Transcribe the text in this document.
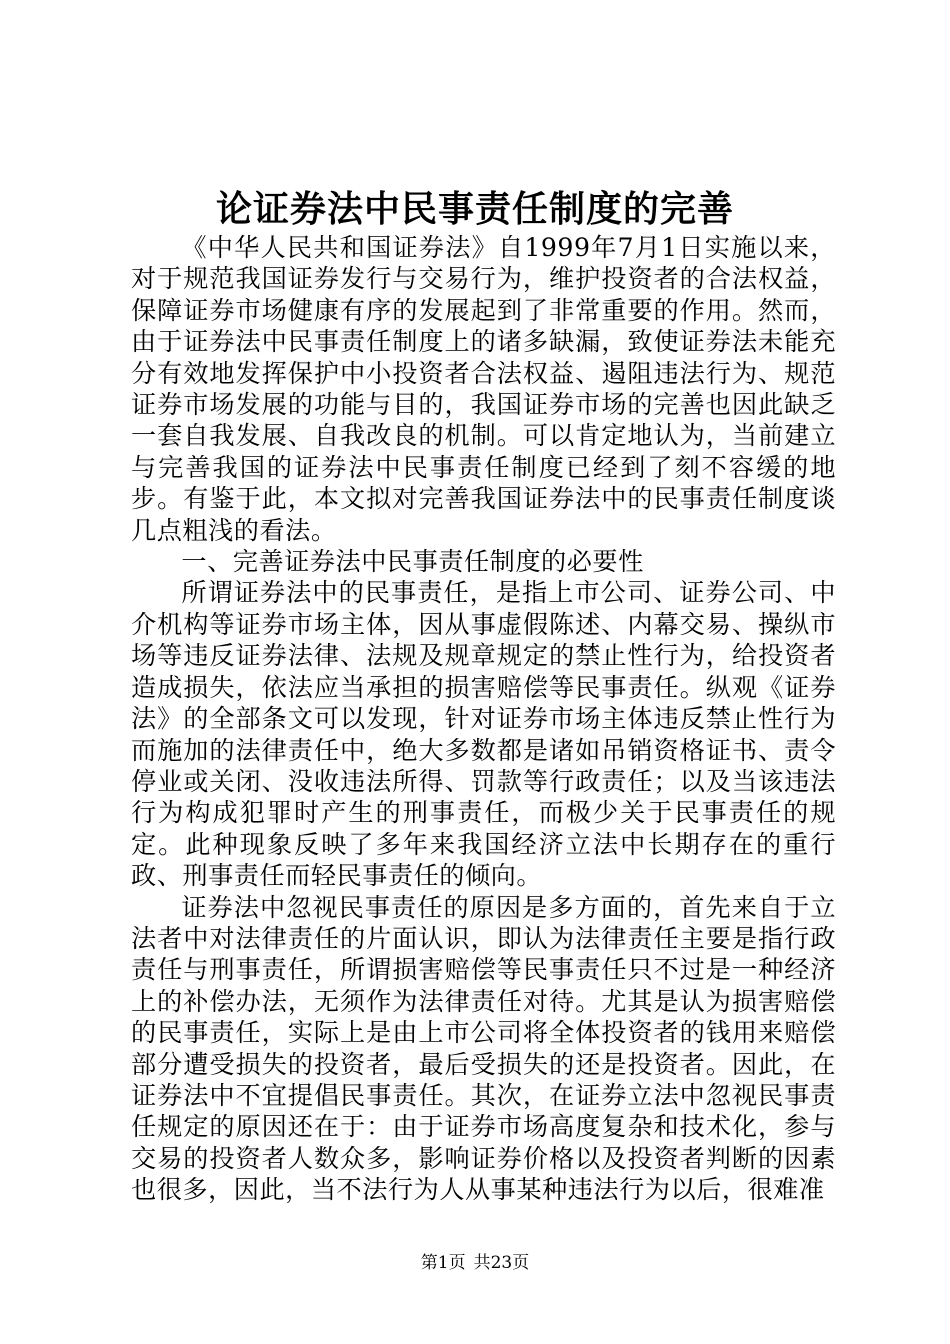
论证券法中民事责任制度的完善

《中华人民共和国证券法》自1999年7月1日实施以来，对于规范我国证券发行与交易行为，维护投资者的合法权益，保障证券市场健康有序的发展起到了非常重要的作用。然而，由于证券法中民事责任制度上的诸多缺漏，致使证券法未能充分有效地发挥保护中小投资者合法权益、遏阻违法行为、规范证券市场发展的功能与目的，我国证券市场的完善也因此缺乏一套自我发展、自我改良的机制。可以肯定地认为，当前建立与完善我国的证券法中民事责任制度已经到了刻不容缓的地步。有鉴于此，本文拟对完善我国证券法中的民事责任制度谈几点粗浅的看法。

一、完善证券法中民事责任制度的必要性

所谓证券法中的民事责任，是指上市公司、证券公司、中介机构等证券市场主体，因从事虚假陈述、内幕交易、操纵市场等违反证券法律、法规及规章规定的禁止性行为，给投资者造成损失，依法应当承担的损害赔偿等民事责任。纵观《证券法》的全部条文可以发现，针对证券市场主体违反禁止性行为而施加的法律责任中，绝大多数都是诸如吊销资格证书、责令停业或关闭、没收违法所得、罚款等行政责任；以及当该违法行为构成犯罪时产生的刑事责任，而极少关于民事责任的规定。此种现象反映了多年来我国经济立法中长期存在的重行政、刑事责任而轻民事责任的倾向。

证券法中忽视民事责任的原因是多方面的，首先来自于立法者中对法律责任的片面认识，即认为法律责任主要是指行政责任与刑事责任，所谓损害赔偿等民事责任只不过是一种经济上的补偿办法，无须作为法律责任对待。尤其是认为损害赔偿的民事责任，实际上是由上市公司将全体投资者的钱用来赔偿部分遭受损失的投资者，最后受损失的还是投资者。因此，在证券法中不宜提倡民事责任。其次，在证券立法中忽视民事责任规定的原因还在于：由于证券市场高度复杂和技术化，参与交易的投资者人数众多，影响证券价格以及投资者判断的因素也很多，因此，当不法行为人从事某种违法行为以后，很难准

第1页 共23页
